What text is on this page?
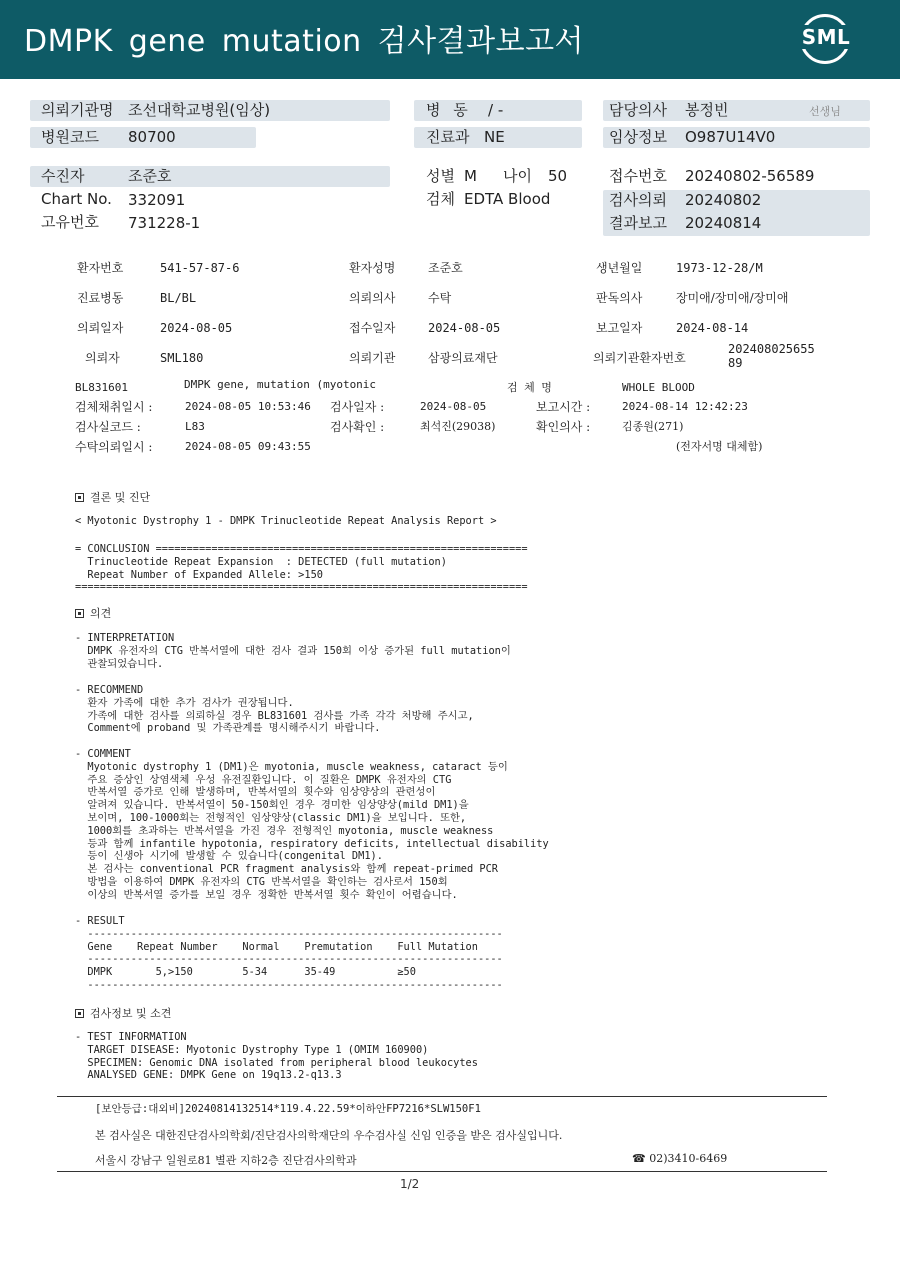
DMPK gene mutation 검사결과보고서	SML
의뢰기관명 조선대학교병원(임상)	병 동 / -	담당의사 봉정빈	선생님
병원코드 80700	진료과 NE	임상정보 O987U14V0
수진자	조준호	성별 M 나이 50	접수번호 20240802-56589
Chart No. 332091	검체 EDTA Blood	검사의뢰 20240802
고유번호 731228-1	결과보고 20240814
환자번호	541-57-87-6	환자성명	조준호	생년월일	1973-12-28/M
진료병동	BL/BL	의뢰의사	수탁	판독의사	장미애/장미애/장미애
의뢰일자	2024-08-05	접수일자	2024-08-05	보고일자	2024-08-14
의뢰자	SML180	의뢰기관	삼광의료재단	의뢰기관환자번호
20240802565589
BL831601	DMPK gene, mutation (myotonic	검 체 명	WHOLE BLOOD
검체채취일시 :	2024-08-05 10:53:46 검사일자 :	2024-08-05	보고시간 :	2024-08-14 12:42:23
검사실코드 :	L83	검사확인 :	최석진(29038)	확인의사 :	김종원(271)
수탁의뢰일시 :	2024-08-05 09:43:55	(전자서명 대체함)
결론 및 진단
< Myotonic Dystrophy 1 - DMPK Trinucleotide Repeat Analysis Report >
= CONCLUSION ============================================================
Trinucleotide Repeat Expansion  : DETECTED (full mutation)
Repeat Number of Expanded Allele: >150
=========================================================================
의견
- INTERPRETATION
DMPK 유전자의 CTG 반복서열에 대한 검사 결과 150회 이상 증가된 full mutation이
관찰되었습니다.
- RECOMMEND
환자 가족에 대한 추가 검사가 권장됩니다.
가족에 대한 검사를 의뢰하실 경우 BL831601 검사를 가족 각각 처방해 주시고,
Comment에 proband 및 가족관계를 명시해주시기 바랍니다.
- COMMENT
Myotonic dystrophy 1 (DM1)은 myotonia, muscle weakness, cataract 등이
주요 증상인 상염색체 우성 유전질환입니다. 이 질환은 DMPK 유전자의 CTG
반복서열 증가로 인해 발생하며, 반복서열의 횟수와 임상양상의 관련성이
알려져 있습니다. 반복서열이 50-150회인 경우 경미한 임상양상(mild DM1)을
보이며, 100-1000회는 전형적인 임상양상(classic DM1)을 보입니다. 또한,
1000회를 초과하는 반복서열을 가진 경우 전형적인 myotonia, muscle weakness
등과 함께 infantile hypotonia, respiratory deficits, intellectual disability
등이 신생아 시기에 발생할 수 있습니다(congenital DM1).
본 검사는 conventional PCR fragment analysis와 함께 repeat-primed PCR
방법을 이용하여 DMPK 유전자의 CTG 반복서열을 확인하는 검사로서 150회
이상의 반복서열 증가를 보일 경우 정확한 반복서열 횟수 확인이 어렵습니다.
- RESULT
-------------------------------------------------------------------
Gene    Repeat Number    Normal    Premutation    Full Mutation
-------------------------------------------------------------------
DMPK       5,>150        5-34      35-49          ≥50
-------------------------------------------------------------------
검사정보 및 소견
- TEST INFORMATION
TARGET DISEASE: Myotonic Dystrophy Type 1 (OMIM 160900)
SPECIMEN: Genomic DNA isolated from peripheral blood leukocytes
ANALYSED GENE: DMPK Gene on 19q13.2-q13.3
[보안등급:대외비]20240814132514*119.4.22.59*이하안FP7216*SLW150F1
본 검사실은 대한진단검사의학회/진단검사의학재단의 우수검사실 신임 인증을 받은 검사실입니다.
서울시 강남구 일원로81 별관 지하2층 진단검사의학과	☎ 02)3410-6469
1/2
